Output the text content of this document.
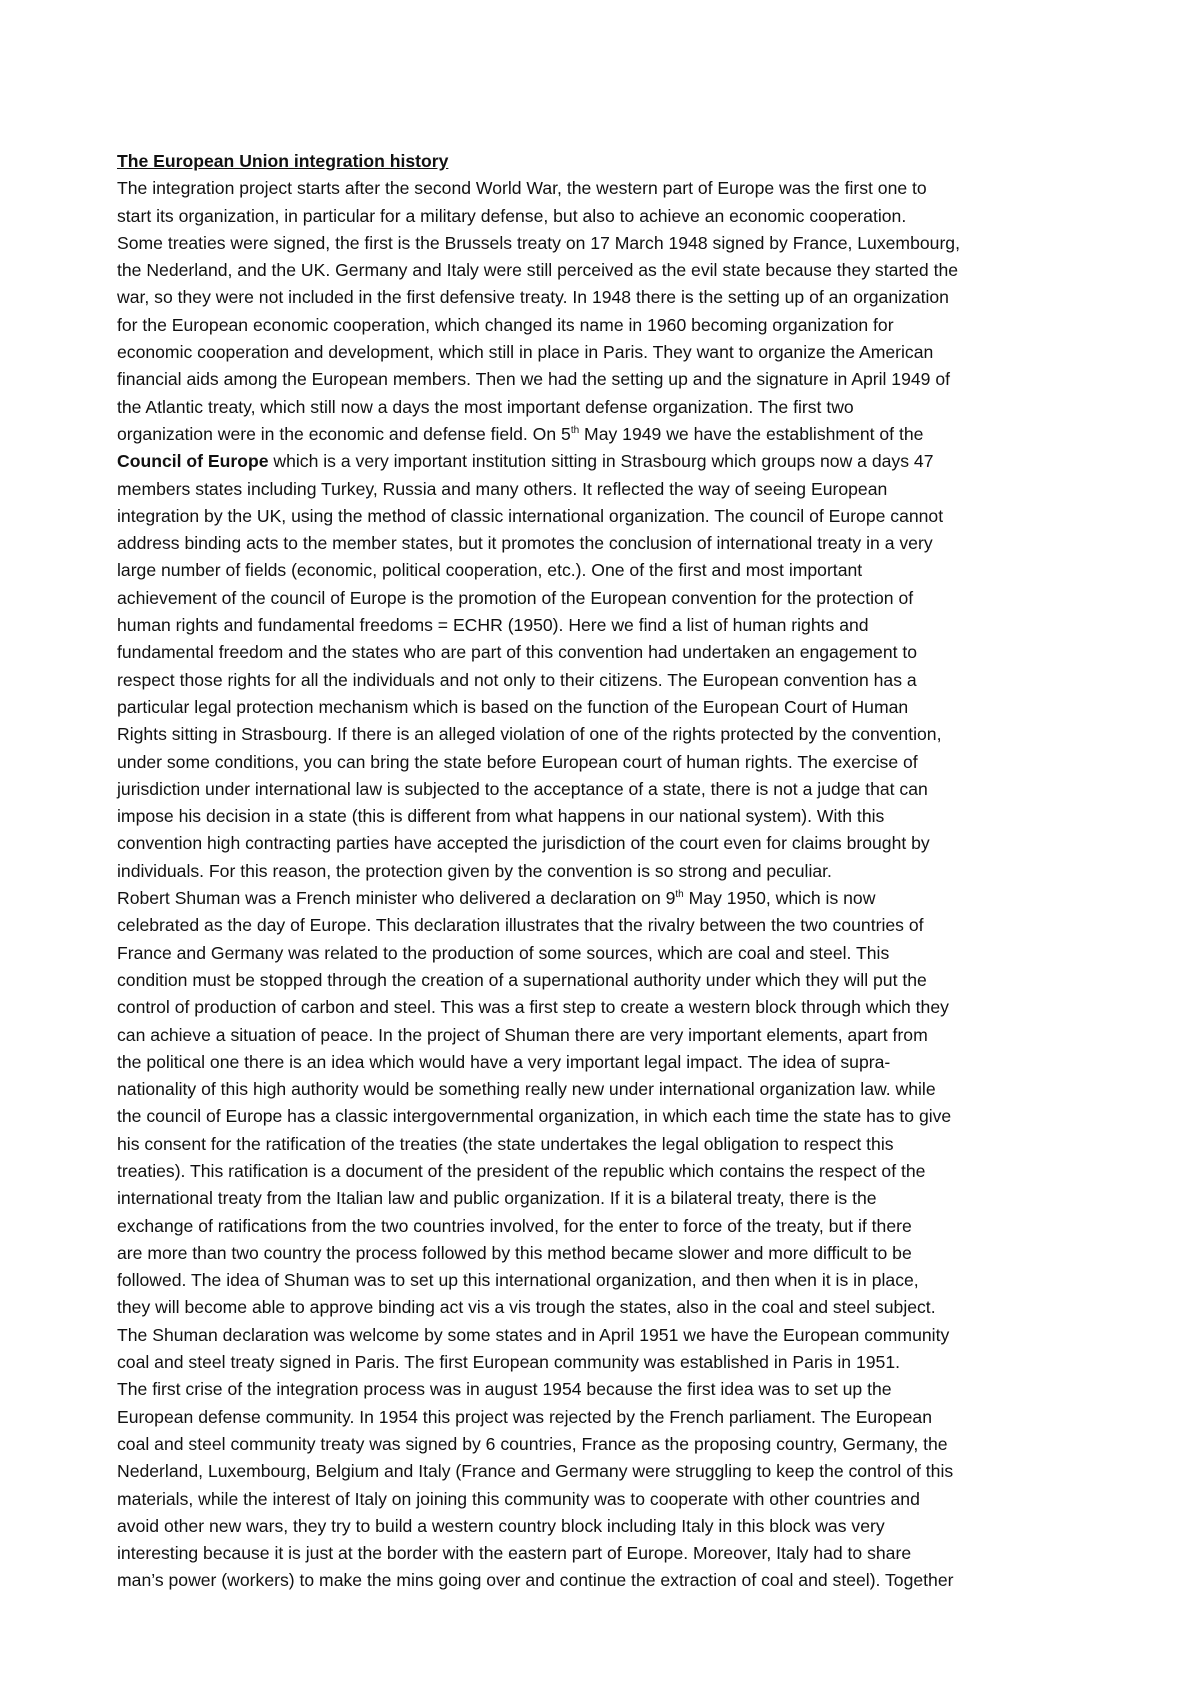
The European Union integration history
The integration project starts after the second World War, the western part of Europe was the first one to
start its organization, in particular for a military defense, but also to achieve an economic cooperation.
Some treaties were signed, the first is the Brussels treaty on 17 March 1948 signed by France, Luxembourg,
the Nederland, and the UK. Germany and Italy were still perceived as the evil state because they started the
war, so they were not included in the first defensive treaty. In 1948 there is the setting up of an organization
for the European economic cooperation, which changed its name in 1960 becoming organization for
economic cooperation and development, which still in place in Paris. They want to organize the American
financial aids among the European members. Then we had the setting up and the signature in April 1949 of
the Atlantic treaty, which still now a days the most important defense organization. The first two
organization were in the economic and defense field. On 5th May 1949 we have the establishment of the
Council of Europe which is a very important institution sitting in Strasbourg which groups now a days 47
members states including Turkey, Russia and many others. It reflected the way of seeing European
integration by the UK, using the method of classic international organization. The council of Europe cannot
address binding acts to the member states, but it promotes the conclusion of international treaty in a very
large number of fields (economic, political cooperation, etc.). One of the first and most important
achievement of the council of Europe is the promotion of the European convention for the protection of
human rights and fundamental freedoms = ECHR (1950). Here we find a list of human rights and
fundamental freedom and the states who are part of this convention had undertaken an engagement to
respect those rights for all the individuals and not only to their citizens. The European convention has a
particular legal protection mechanism which is based on the function of the European Court of Human
Rights sitting in Strasbourg. If there is an alleged violation of one of the rights protected by the convention,
under some conditions, you can bring the state before European court of human rights. The exercise of
jurisdiction under international law is subjected to the acceptance of a state, there is not a judge that can
impose his decision in a state (this is different from what happens in our national system). With this
convention high contracting parties have accepted the jurisdiction of the court even for claims brought by
individuals. For this reason, the protection given by the convention is so strong and peculiar.
Robert Shuman was a French minister who delivered a declaration on 9th May 1950, which is now
celebrated as the day of Europe. This declaration illustrates that the rivalry between the two countries of
France and Germany was related to the production of some sources, which are coal and steel. This
condition must be stopped through the creation of a supernational authority under which they will put the
control of production of carbon and steel. This was a first step to create a western block through which they
can achieve a situation of peace. In the project of Shuman there are very important elements, apart from
the political one there is an idea which would have a very important legal impact. The idea of supra-
nationality of this high authority would be something really new under international organization law. while
the council of Europe has a classic intergovernmental organization, in which each time the state has to give
his consent for the ratification of the treaties (the state undertakes the legal obligation to respect this
treaties). This ratification is a document of the president of the republic which contains the respect of the
international treaty from the Italian law and public organization. If it is a bilateral treaty, there is the
exchange of ratifications from the two countries involved, for the enter to force of the treaty, but if there
are more than two country the process followed by this method became slower and more difficult to be
followed. The idea of Shuman was to set up this international organization, and then when it is in place,
they will become able to approve binding act vis a vis trough the states, also in the coal and steel subject.
The Shuman declaration was welcome by some states and in April 1951 we have the European community
coal and steel treaty signed in Paris. The first European community was established in Paris in 1951.
The first crise of the integration process was in august 1954 because the first idea was to set up the
European defense community. In 1954 this project was rejected by the French parliament. The European
coal and steel community treaty was signed by 6 countries, France as the proposing country, Germany, the
Nederland, Luxembourg, Belgium and Italy (France and Germany were struggling to keep the control of this
materials, while the interest of Italy on joining this community was to cooperate with other countries and
avoid other new wars, they try to build a western country block including Italy in this block was very
interesting because it is just at the border with the eastern part of Europe. Moreover, Italy had to share
man’s power (workers) to make the mins going over and continue the extraction of coal and steel). Together
